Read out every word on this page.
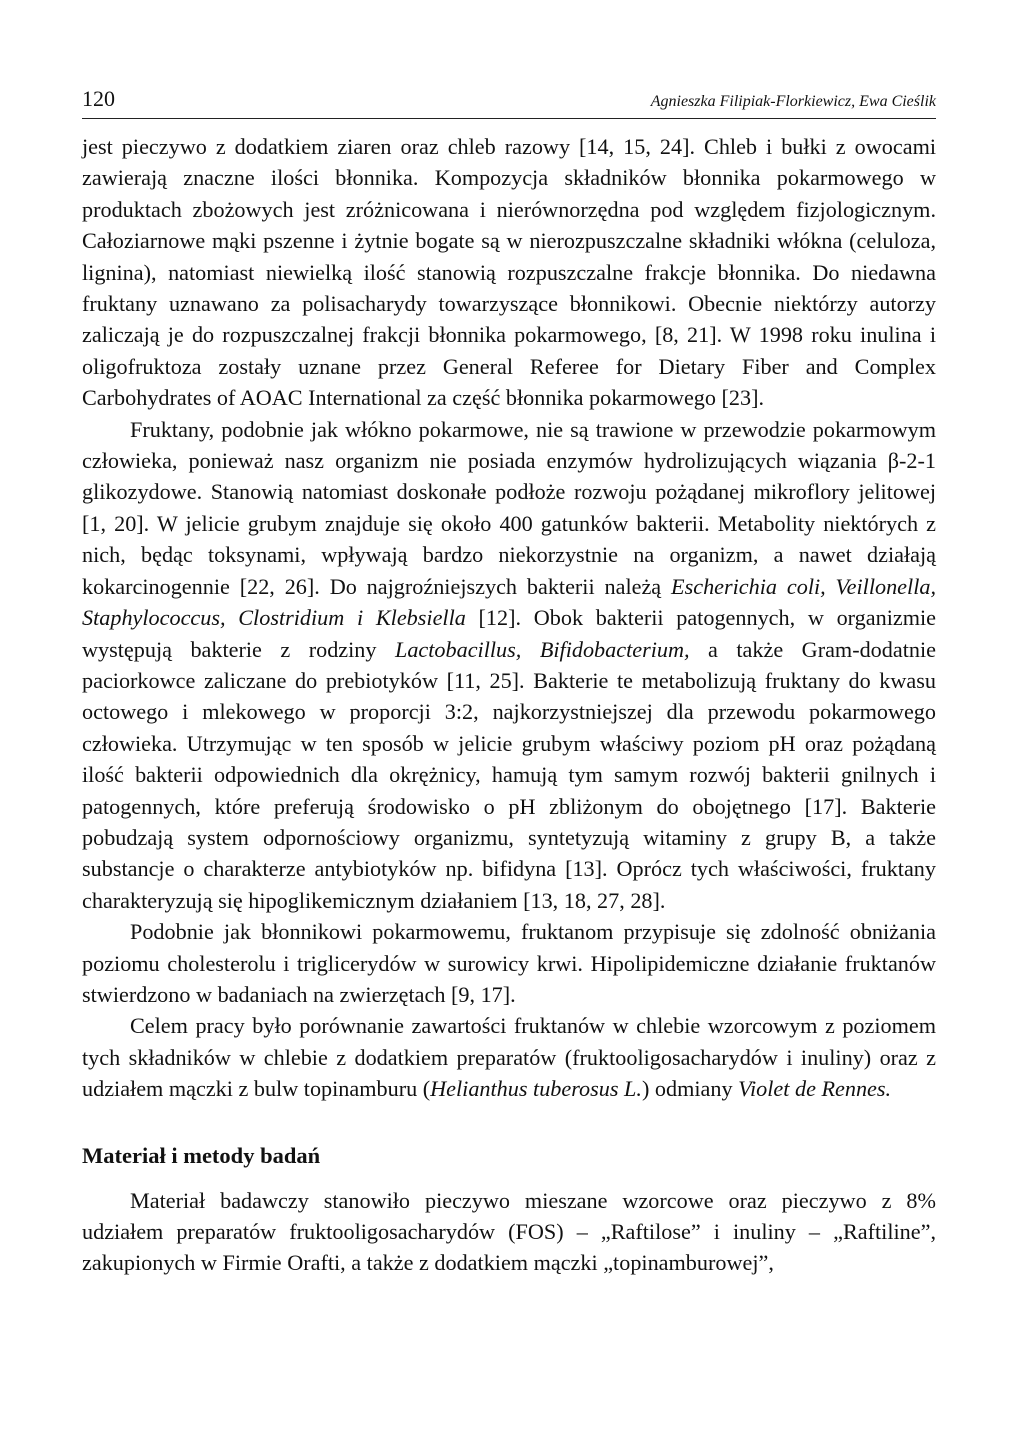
120	Agnieszka Filipiak-Florkiewicz, Ewa Cieślik

jest pieczywo z dodatkiem ziaren oraz chleb razowy [14, 15, 24]. Chleb i bułki z owocami zawierają znaczne ilości błonnika. Kompozycja składników błonnika pokarmowego w produktach zbożowych jest zróżnicowana i nierównorzędna pod względem fizjologicznym. Całoziarnowe mąki pszenne i żytnie bogate są w nierozpuszczalne składniki włókna (celuloza, lignina), natomiast niewielką ilość stanowią rozpuszczalne frakcje błonnika. Do niedawna fruktany uznawano za polisacharydy towarzyszące błonnikowi. Obecnie niektórzy autorzy zaliczają je do rozpuszczalnej frakcji błonnika pokarmowego, [8, 21]. W 1998 roku inulina i oligofruktoza zostały uznane przez General Referee for Dietary Fiber and Complex Carbohydrates of AOAC International za część błonnika pokarmowego [23].

Fruktany, podobnie jak włókno pokarmowe, nie są trawione w przewodzie pokarmowym człowieka, ponieważ nasz organizm nie posiada enzymów hydrolizujących wiązania β-2-1 glikozydowe. Stanowią natomiast doskonałe podłoże rozwoju pożądanej mikroflory jelitowej [1, 20]. W jelicie grubym znajduje się około 400 gatunków bakterii. Metabolity niektórych z nich, będąc toksynami, wpływają bardzo niekorzystnie na organizm, a nawet działają kokarcinogennie [22, 26]. Do najgroźniejszych bakterii należą Escherichia coli, Veillonella, Staphylococcus, Clostridium i Klebsiella [12]. Obok bakterii patogennych, w organizmie występują bakterie z rodziny Lactobacillus, Bifidobacterium, a także Gram-dodatnie paciorkowce zaliczane do prebiotyków [11, 25]. Bakterie te metabolizują fruktany do kwasu octowego i mlekowego w proporcji 3:2, najkorzystniejszej dla przewodu pokarmowego człowieka. Utrzymując w ten sposób w jelicie grubym właściwy poziom pH oraz pożądaną ilość bakterii odpowiednich dla okrężnicy, hamują tym samym rozwój bakterii gnilnych i patogennych, które preferują środowisko o pH zbliżonym do obojętnego [17]. Bakterie pobudzają system odpornościowy organizmu, syntetyzują witaminy z grupy B, a także substancje o charakterze antybiotyków np. bifidyna [13]. Oprócz tych właściwości, fruktany charakteryzują się hipoglikemicznym działaniem [13, 18, 27, 28].

Podobnie jak błonnikowi pokarmowemu, fruktanom przypisuje się zdolność obniżania poziomu cholesterolu i triglicerydów w surowicy krwi. Hipolipidemiczne działanie fruktanów stwierdzono w badaniach na zwierzętach [9, 17].

Celem pracy było porównanie zawartości fruktanów w chlebie wzorcowym z poziomem tych składników w chlebie z dodatkiem preparatów (fruktooligosacharydów i inuliny) oraz z udziałem mączki z bulw topinamburu (Helianthus tuberosus L.) odmiany Violet de Rennes.

Materiał i metody badań

Materiał badawczy stanowiło pieczywo mieszane wzorcowe oraz pieczywo z 8% udziałem preparatów fruktooligosacharydów (FOS) – „Raftilose” i inuliny – „Raftiline”, zakupionych w Firmie Orafti, a także z dodatkiem mączki „topinamburowej”,
